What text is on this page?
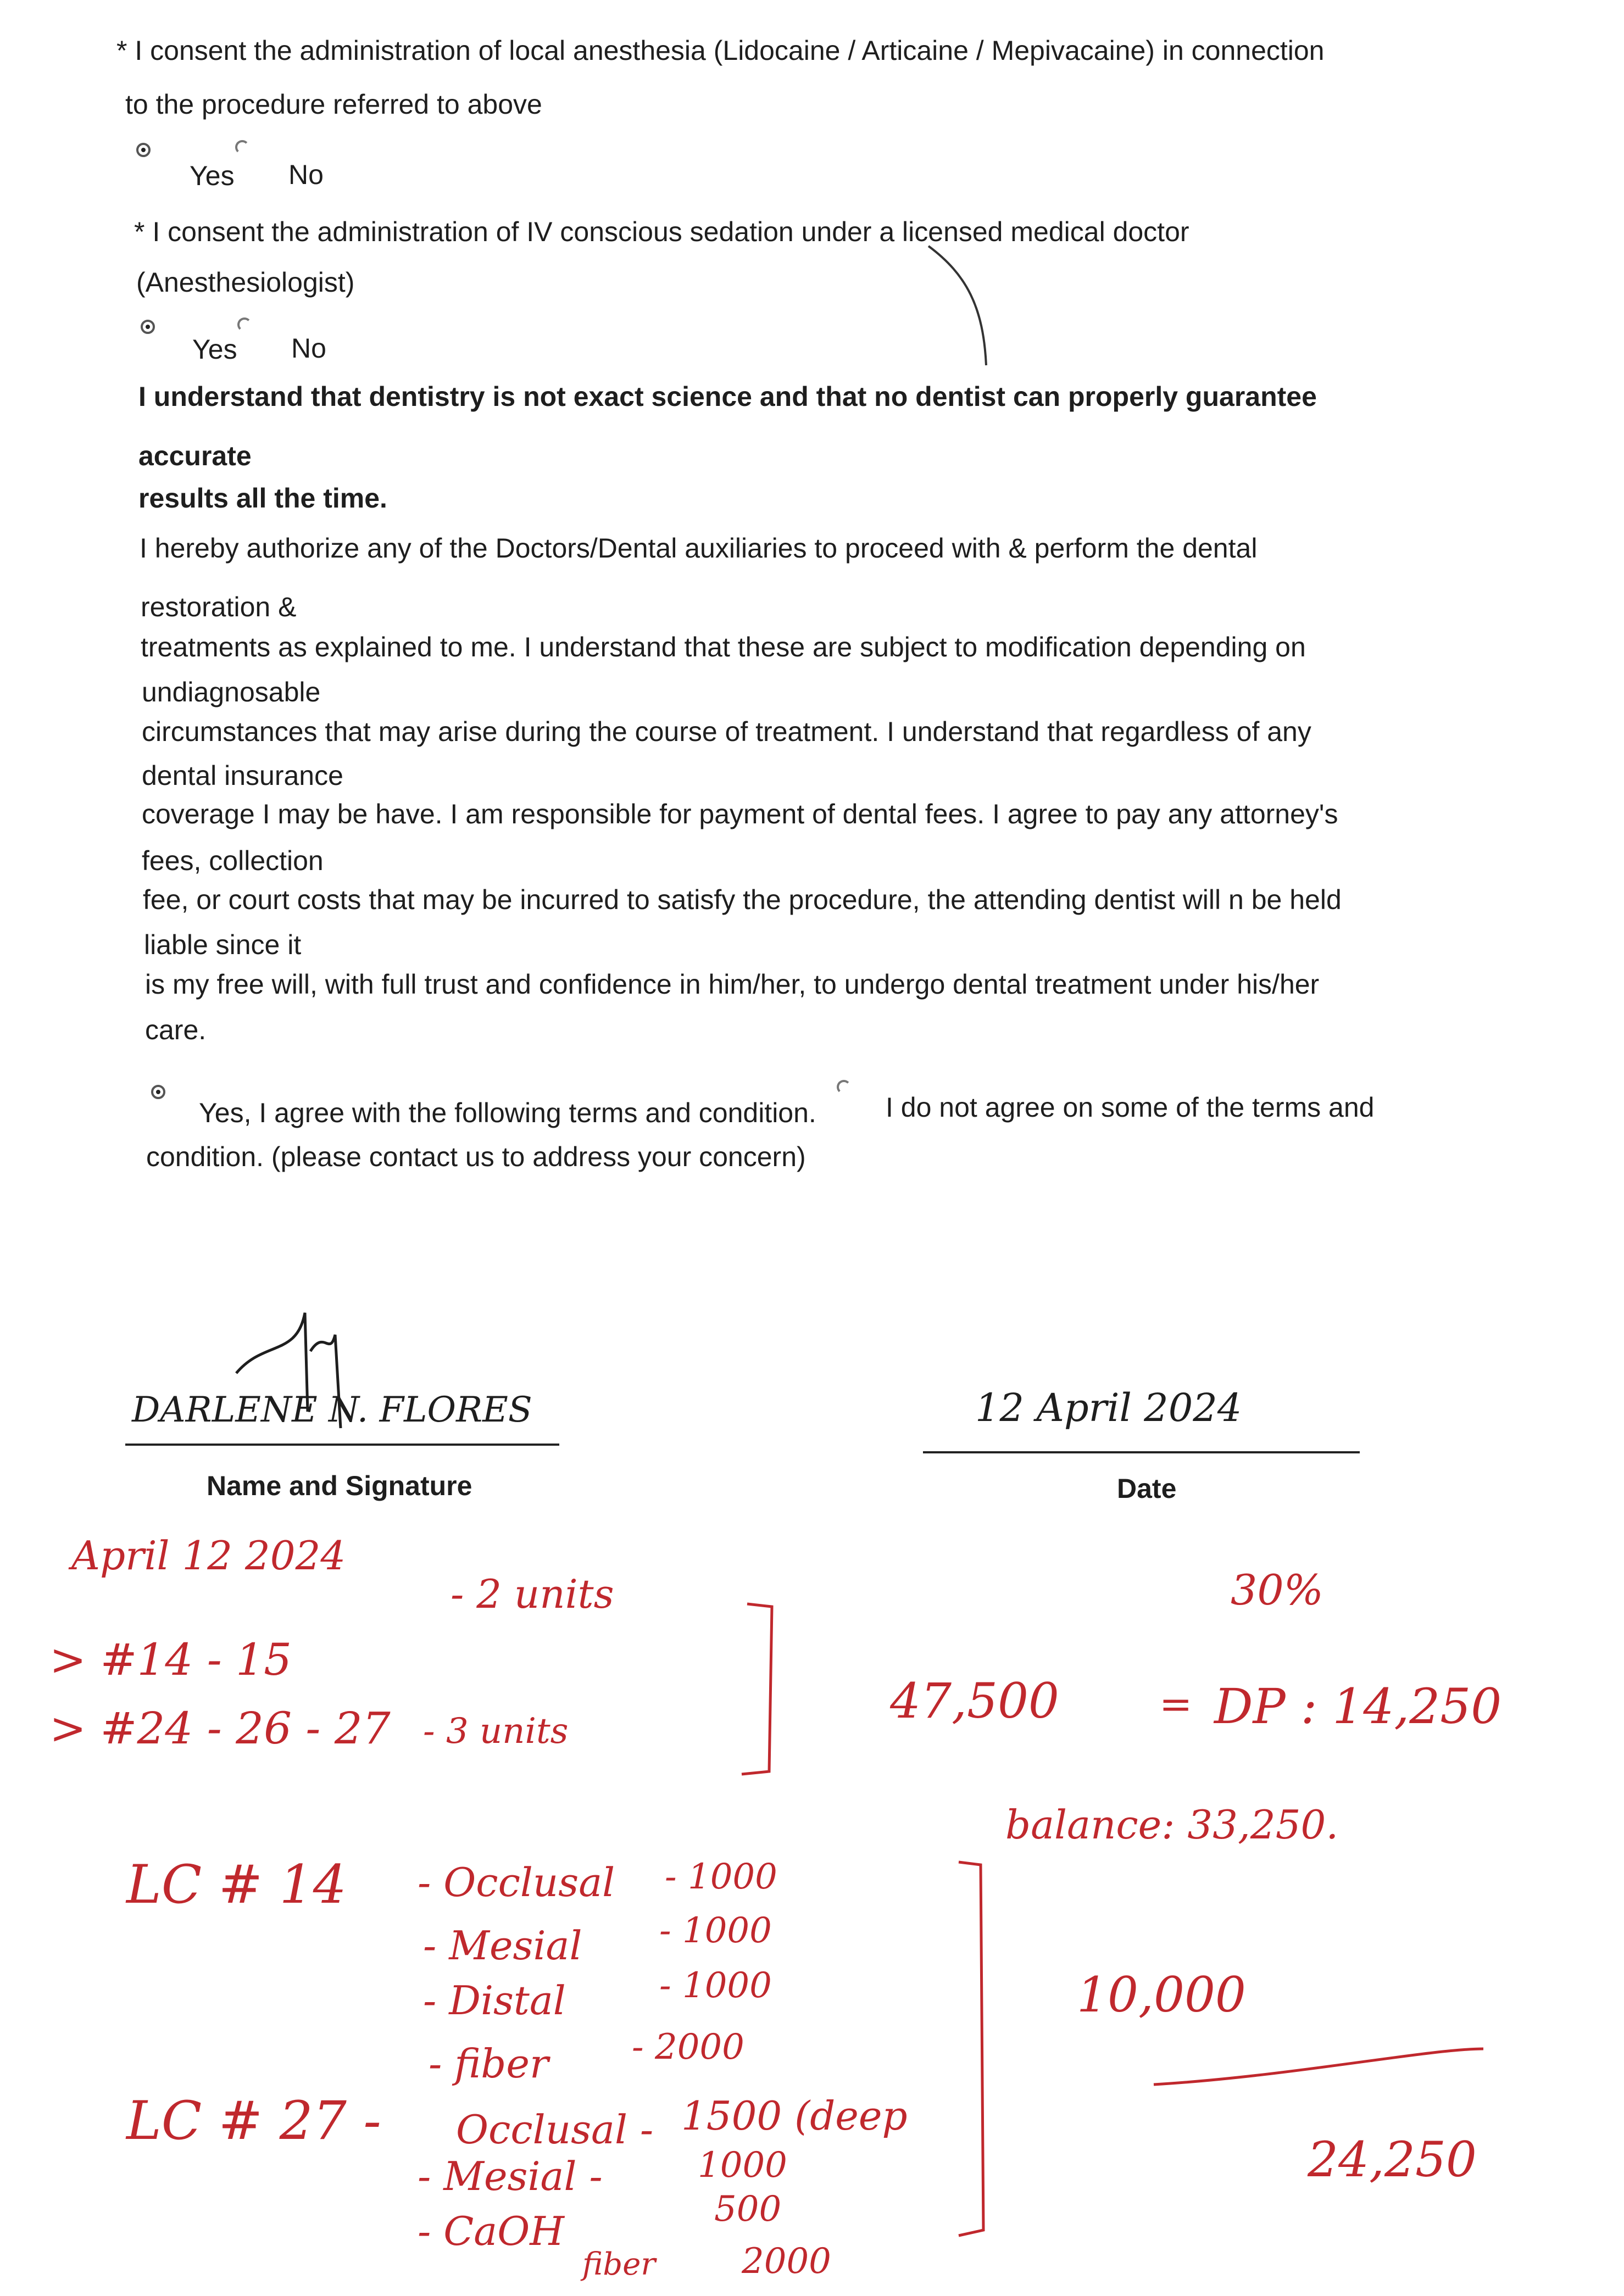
* I consent the administration of local anesthesia (Lidocaine / Articaine / Mepivacaine) in connection
to the procedure referred to above
Yes No
* I consent the administration of IV conscious sedation under a licensed medical doctor
(Anesthesiologist)
Yes No
I understand that dentistry is not exact science and that no dentist can properly guarantee
accurate
results all the time.
I hereby authorize any of the Doctors/Dental auxiliaries to proceed with & perform the dental
restoration &
treatments as explained to me. I understand that these are subject to modification depending on
undiagnosable
circumstances that may arise during the course of treatment. I understand that regardless of any
dental insurance
coverage I may be have. I am responsible for payment of dental fees. I agree to pay any attorney's
fees, collection
fee, or court costs that may be incurred to satisfy the procedure, the attending dentist will n be held
liable since it
is my free will, with full trust and confidence in him/her, to undergo dental treatment under his/her
care.
Yes, I agree with the following terms and condition.	I do not agree on some of the terms and
condition. (please contact us to address your concern)
DARLENE N. FLORES
Name and Signature
12 April 2024
Date
April 12 2024
> #14 - 15
- 2 units
> #24 - 26 - 27 - 3 units
47,500	=
30%
DP : 14,250
balance: 33,250.
LC # 14 - Occlusal - 1000
- Mesial - 1000
- Distal	- 1000
- fiber - 2000
10,000
24,250
LC # 27 - Occlusal - 1500 (deep
- Mesial -	1000
- CaOH	500
fiber 2000
